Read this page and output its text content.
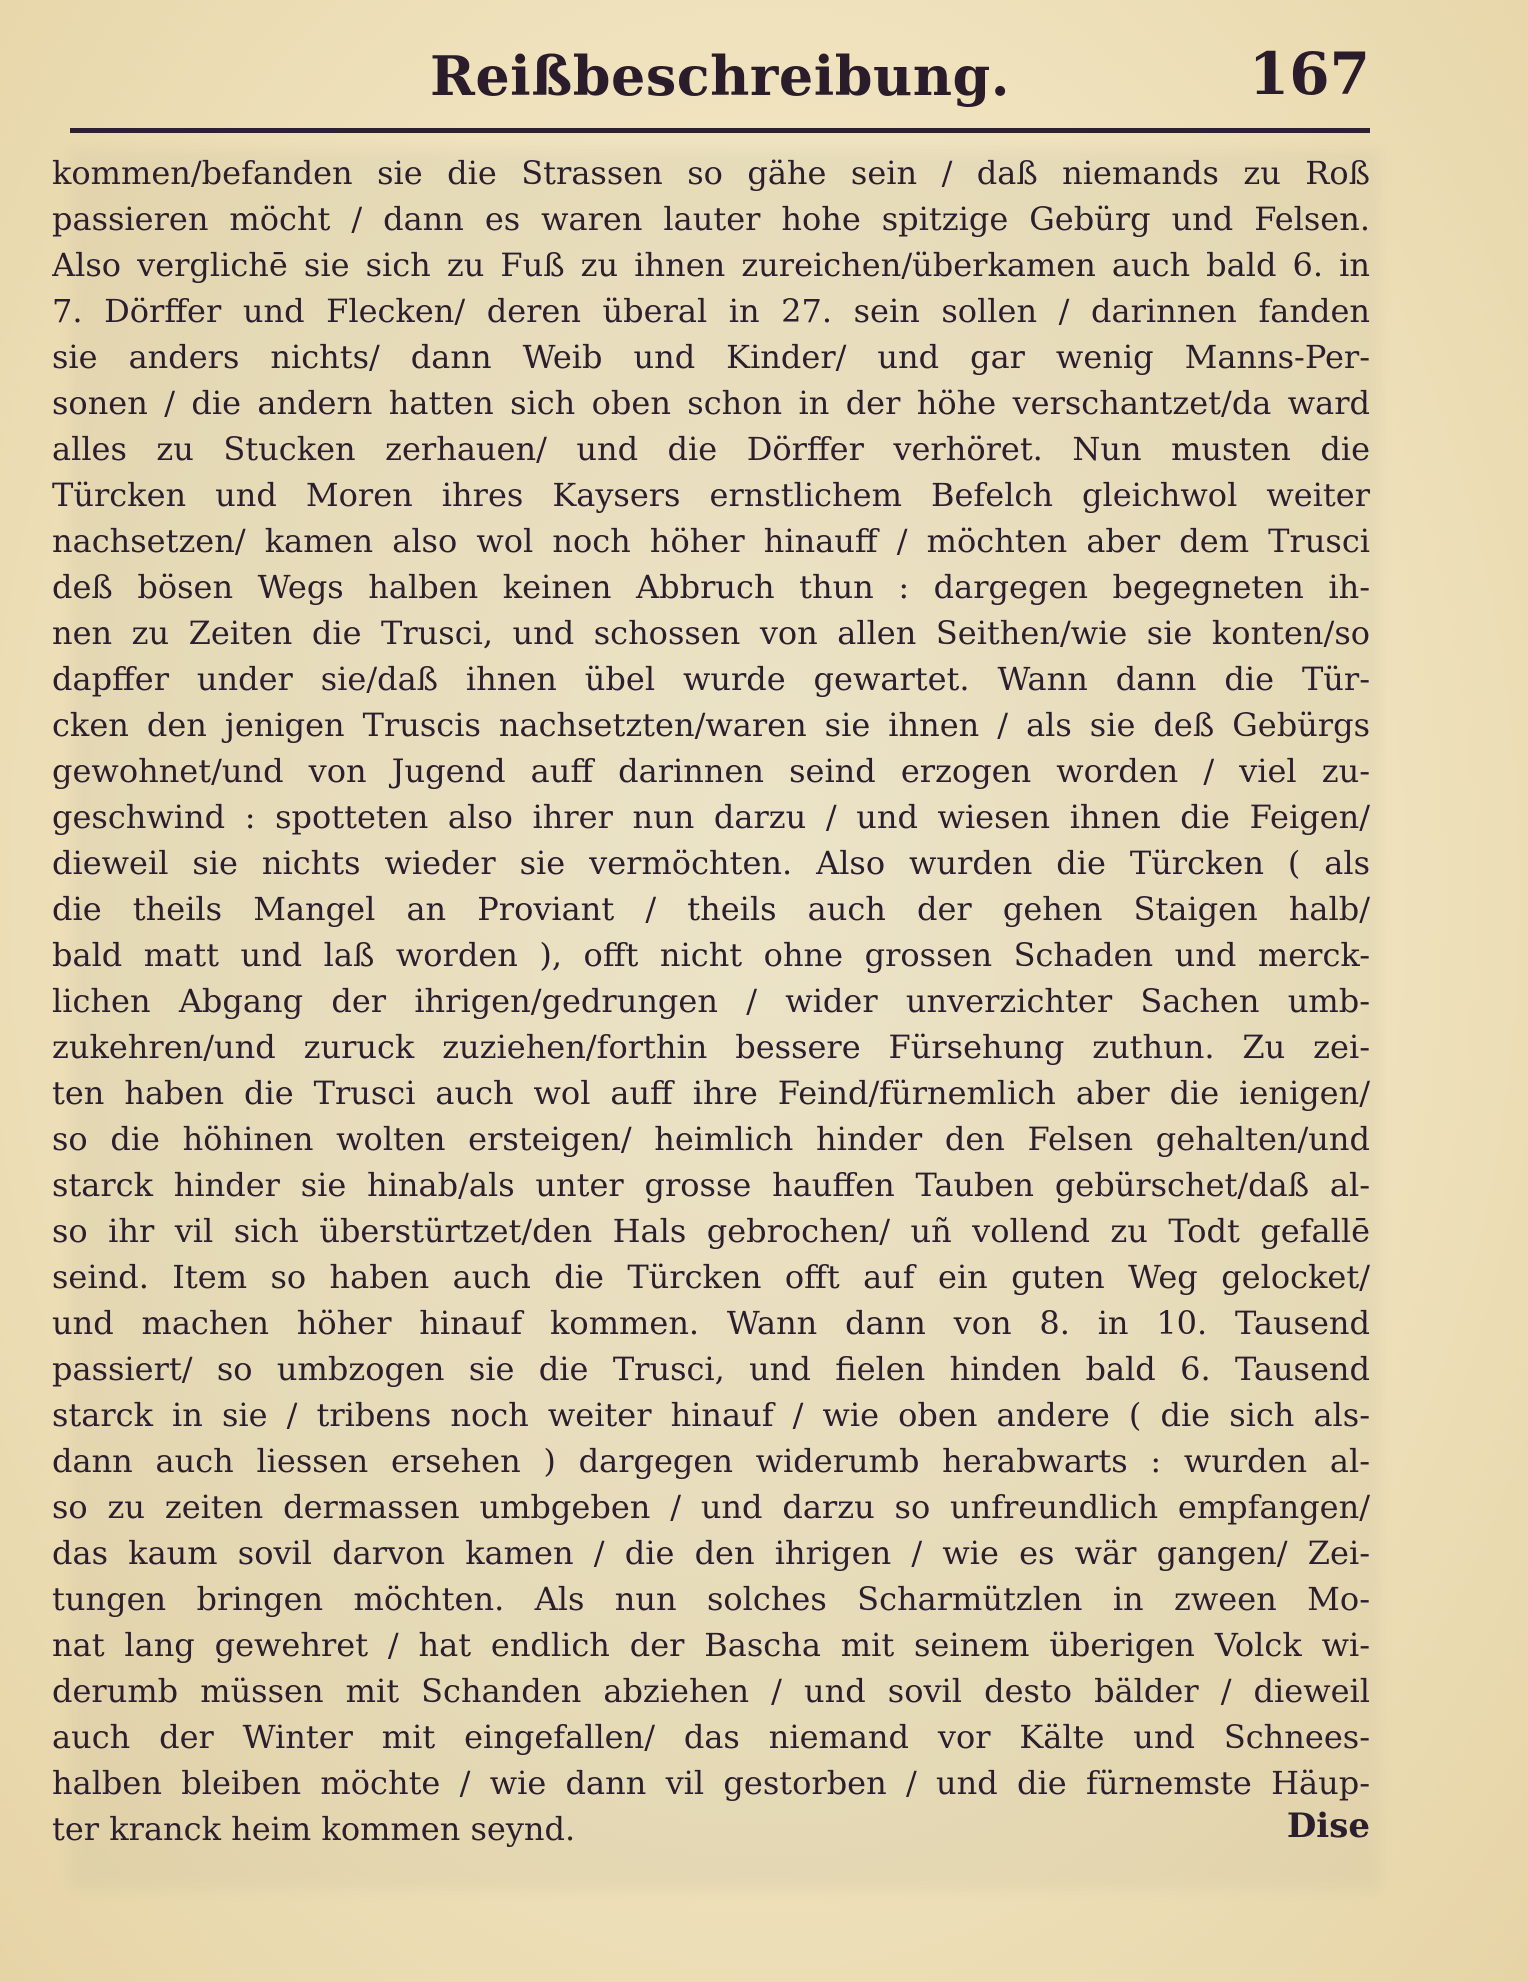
Reißbeschreibung.	167
kommen/befanden sie die Strassen so gähe sein / daß niemands zu Roß
passieren möcht / dann es waren lauter hohe spitzige Gebürg und Felsen.
Also verglichē sie sich zu Fuß zu ihnen zureichen/überkamen auch bald 6. in
7. Dörffer und Flecken/ deren überal in 27. sein sollen / darinnen fanden
sie anders nichts/ dann Weib und Kinder/ und gar wenig Manns-Per-
sonen / die andern hatten sich oben schon in der höhe verschantzet/da ward
alles zu Stucken zerhauen/ und die Dörffer verhöret. Nun musten die
Türcken und Moren ihres Kaysers ernstlichem Befelch gleichwol weiter
nachsetzen/ kamen also wol noch höher hinauff / möchten aber dem Trusci
deß bösen Wegs halben keinen Abbruch thun : dargegen begegneten ih-
nen zu Zeiten die Trusci, und schossen von allen Seithen/wie sie konten/so
dapffer under sie/daß ihnen übel wurde gewartet. Wann dann die Tür-
cken den jenigen Truscis nachsetzten/waren sie ihnen / als sie deß Gebürgs
gewohnet/und von Jugend auff darinnen seind erzogen worden / viel zu-
geschwind : spotteten also ihrer nun darzu / und wiesen ihnen die Feigen/
dieweil sie nichts wieder sie vermöchten. Also wurden die Türcken ( als
die theils Mangel an Proviant / theils auch der gehen Staigen halb/
bald matt und laß worden ), offt nicht ohne grossen Schaden und merck-
lichen Abgang der ihrigen/gedrungen / wider unverzichter Sachen umb-
zukehren/und zuruck zuziehen/forthin bessere Fürsehung zuthun. Zu zei-
ten haben die Trusci auch wol auff ihre Feind/fürnemlich aber die ienigen/
so die höhinen wolten ersteigen/ heimlich hinder den Felsen gehalten/und
starck hinder sie hinab/als unter grosse hauffen Tauben gebürschet/daß al-
so ihr vil sich überstürtzet/den Hals gebrochen/ uñ vollend zu Todt gefallē
seind. Item so haben auch die Türcken offt auf ein guten Weg gelocket/
und machen höher hinauf kommen. Wann dann von 8. in 10. Tausend
passiert/ so umbzogen sie die Trusci, und fielen hinden bald 6. Tausend
starck in sie / tribens noch weiter hinauf / wie oben andere ( die sich als-
dann auch liessen ersehen ) dargegen widerumb herabwarts : wurden al-
so zu zeiten dermassen umbgeben / und darzu so unfreundlich empfangen/
das kaum sovil darvon kamen / die den ihrigen / wie es wär gangen/ Zei-
tungen bringen möchten. Als nun solches Scharmützlen in zween Mo-
nat lang gewehret / hat endlich der Bascha mit seinem überigen Volck wi-
derumb müssen mit Schanden abziehen / und sovil desto bälder / dieweil
auch der Winter mit eingefallen/ das niemand vor Kälte und Schnees-
halben bleiben möchte / wie dann vil gestorben / und die fürnemste Häup-
ter kranck heim kommen seynd.	Dise
